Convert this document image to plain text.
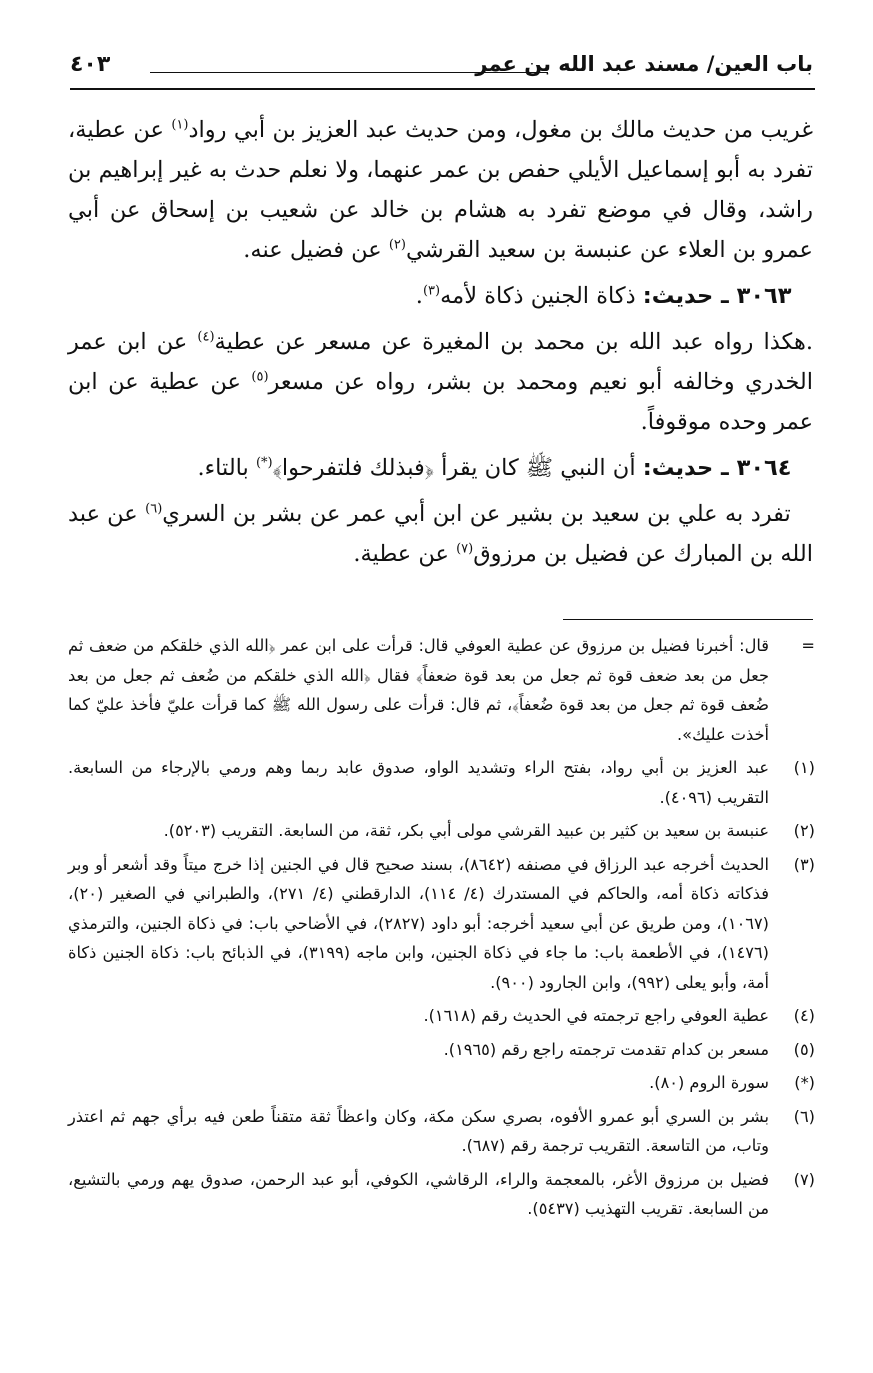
باب العين/ مسند عبد الله بن عمر
٤٠٣

غريب من حديث مالك بن مغول، ومن حديث عبد العزيز بن أبي رواد$^{(١)}$ عن عطية، تفرد به أبو إسماعيل الأيلي حفص بن عمر عنهما، ولا نعلم حدث به غير إبراهيم بن راشد، وقال في موضع تفرد به هشام بن خالد عن شعيب بن إسحاق عن أبي عمرو بن العلاء عن عنبسة بن سعيد القرشي$^{(٢)}$ عن فضيل عنه.

٣٠٦٣ ـ حديث: ذكاة الجنين ذكاة لأمه$^{(٣)}$.

.هكذا رواه عبد الله بن محمد بن المغيرة عن مسعر عن عطية$^{(٤)}$ عن ابن عمر الخدري وخالفه أبو نعيم ومحمد بن بشر، رواه عن مسعر$^{(٥)}$ عن عطية عن ابن عمر وحده موقوفاً.

٣٠٦٤ ـ حديث: أن النبي ﷺ كان يقرأ ﴿فبذلك فلتفرحوا﴾(*) بالتاء.

تفرد به علي بن سعيد بن بشير عن ابن أبي عمر عن بشر بن السري$^{(٦)}$ عن عبد الله بن المبارك عن فضيل بن مرزوق$^{(٧)}$ عن عطية.

=
قال: أخبرنا فضيل بن مرزوق عن عطية العوفي قال: قرأت على ابن عمر ﴿الله الذي خلقكم من ضعف ثم جعل من بعد ضعف قوة ثم جعل من بعد قوة ضعفاً﴾ فقال ﴿الله الذي خلقكم من ضُعف ثم جعل من بعد ضُعف قوة ثم جعل من بعد قوة ضُعفاً﴾، ثم قال: قرأت على رسول الله ﷺ كما قرأت عليّ فأخذ عليّ كما أخذت عليك».
(١)
عبد العزيز بن أبي رواد، بفتح الراء وتشديد الواو، صدوق عابد ربما وهم ورمي بالإرجاء من السابعة. التقريب (٤٠٩٦).
(٢)
عنبسة بن سعيد بن كثير بن عبيد القرشي مولى أبي بكر، ثقة، من السابعة. التقريب (٥٢٠٣).
(٣)
الحديث أخرجه عبد الرزاق في مصنفه (٨٦٤٢)، بسند صحيح قال في الجنين إذا خرج ميتاً وقد أشعر أو وبر فذكاته ذكاة أمه، والحاكم في المستدرك (٤/ ١١٤)، الدارقطني (٤/ ٢٧١)، والطبراني في الصغير (٢٠)، (١٠٦٧)، ومن طريق عن أبي سعيد أخرجه: أبو داود (٢٨٢٧)، في الأضاحي باب: في ذكاة الجنين، والترمذي (١٤٧٦)، في الأطعمة باب: ما جاء في ذكاة الجنين، وابن ماجه (٣١٩٩)، في الذبائح باب: ذكاة الجنين ذكاة أمة، وأبو يعلى (٩٩٢)، وابن الجارود (٩٠٠).
(٤)
عطية العوفي راجع ترجمته في الحديث رقم (١٦١٨).
(٥)
مسعر بن كدام تقدمت ترجمته راجع رقم (١٩٦٥).
(*)
سورة الروم (٨٠).
(٦)
بشر بن السري أبو عمرو الأفوه، بصري سكن مكة، وكان واعظاً ثقة متقناً طعن فيه برأي جهم ثم اعتذر وتاب، من التاسعة. التقريب ترجمة رقم (٦٨٧).
(٧)
فضيل بن مرزوق الأغر، بالمعجمة والراء، الرقاشي، الكوفي، أبو عبد الرحمن، صدوق يهم ورمي بالتشيع، من السابعة. تقريب التهذيب (٥٤٣٧).
